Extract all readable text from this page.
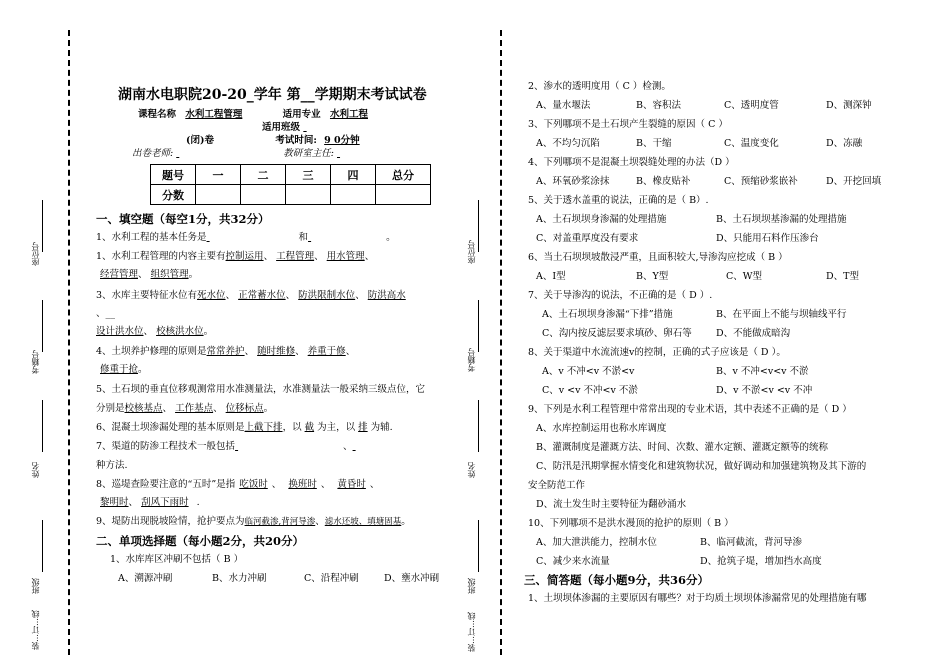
座位号
考籍号
姓名
班级
装…订…线
座位号
考籍号
姓名
班级
装…订…线
湖南水电职院20-20_学年 第__学期期末考试试卷
课程名称 水利工程管理	适用专业 水利工程
适用班级
(闭)卷	考试时间: 9 0分钟
出卷老师:	教研室主任:
题号	一	二	三	四	总分
分数					
一、填空题（每空1分，共32分）
1、水利工程的基本任务是	和	。
1、水利工程管理的内容主要有控制运用、 工程管理、 用水管理、
经营管理、 组织管理。
3、水库主要特征水位有死水位、 正常蓄水位、 防洪限制水位、 防洪高水
、__
设计洪水位、 校核洪水位。
4、土坝养护修理的原则是常常养护、 随时维修、 养重于修、
修重于抢。
5、土石坝的垂直位移观测常用水准测量法，水准测量法一般采纳三级点位，它
分别是校核基点、 工作基点、 位移标点。
6、混凝土坝渗漏处理的基本原则是上截下排，以 截 为主，以 排 为辅.
7、渠道的防渗工程技术一般包括	、
种方法.
8、巡堤查险要注意的“五时”是指 吃饭时 、 换班时 、 黄昏时 、
黎明时、 刮风下雨时 .
9、堤防出现脱坡险情，抢护要点为临河截渗,背河导渗、滤水还坡、填塘固基。
二、单项选择题（每小题2分，共20分）
1、水库库区冲刷不包括（ B ）
A、溯源冲刷	B、水力冲刷	C、沿程冲刷	D、壅水冲刷
2、渗水的透明度用（ C ）检测。
A、量水堰法	B、容积法	C、透明度管	D、测深钟
3、下列哪项不是土石坝产生裂缝的原因（ C ）
A、不均匀沉陷	B、干缩	C、温度变化	D、冻融
4、下列哪项不是混凝土坝裂缝处理的办法（D ）
A、环氧砂浆涂抹	B、橡皮贴补	C、预缩砂浆嵌补	D、开挖回填
5、关于透水盖重的说法，正确的是（ B）.
A、土石坝坝身渗漏的处理措施	B、土石坝坝基渗漏的处理措施
C、对盖重厚度没有要求	D、只能用石料作压渗台
6、当土石坝坝坡散浸严重，且面积较大,导渗沟应挖成（ B ）
A、I型	B、Y型	C、W型	D、T型
7、关于导渗沟的说法，不正确的是（ D ）.
A、土石坝坝身渗漏“下排”措施	B、在平面上不能与坝轴线平行
C、沟内按反滤层要求填砂、卵石等	D、不能做成暗沟
8、关于渠道中水流流速v的控制，正确的式子应该是（ D ）。
A、v 不冲<v 不淤<v	B、v 不冲<v<v 不淤
C、v <v 不冲<v 不淤	D、v 不淤<v <v 不冲
9、下列是水利工程管理中常常出现的专业术语，其中表述不正确的是（ D ）
A、水库控制运用也称水库调度
B、灌溉制度是灌溉方法、时间、次数、灌水定额、灌溉定额等的统称
C、防汛是汛期掌握水情变化和建筑物状况，做好调动和加强建筑物及其下游的
安全防范工作
D、流土发生时主要特征为翻砂涌水
10、下列哪项不是洪水漫顶的抢护的原则（ B ）
A、加大泄洪能力，控制水位	B、临河截流，背河导渗
C、减少来水流量	D、抢筑子堤，增加挡水高度
三、简答题（每小题9分，共36分）
1、土坝坝体渗漏的主要原因有哪些？对于均质土坝坝体渗漏常见的处理措施有哪
